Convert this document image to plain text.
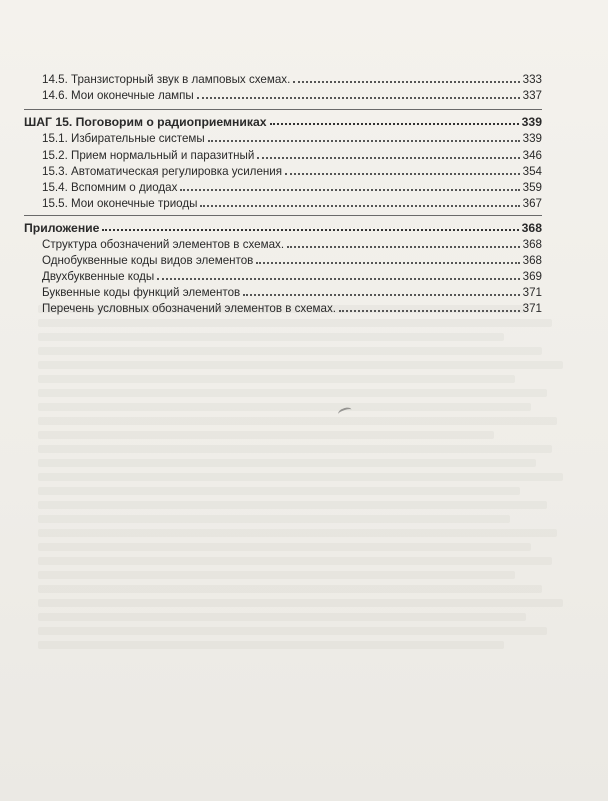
14.5. Транзисторный звук в ламповых схемах.	333
14.6. Мои оконечные лампы	337
ШАГ 15. Поговорим о радиоприемниках	339
15.1. Избирательные системы	339
15.2. Прием нормальный и паразитный	346
15.3. Автоматическая регулировка усиления	354
15.4. Вспомним о диодах	359
15.5. Мои оконечные триоды	367
Приложение	368
Структура обозначений элементов в схемах.	368
Однобуквенные коды видов элементов	368
Двухбуквенные коды	369
Буквенные коды функций элементов	371
Перечень условных обозначений элементов в схемах.	371
